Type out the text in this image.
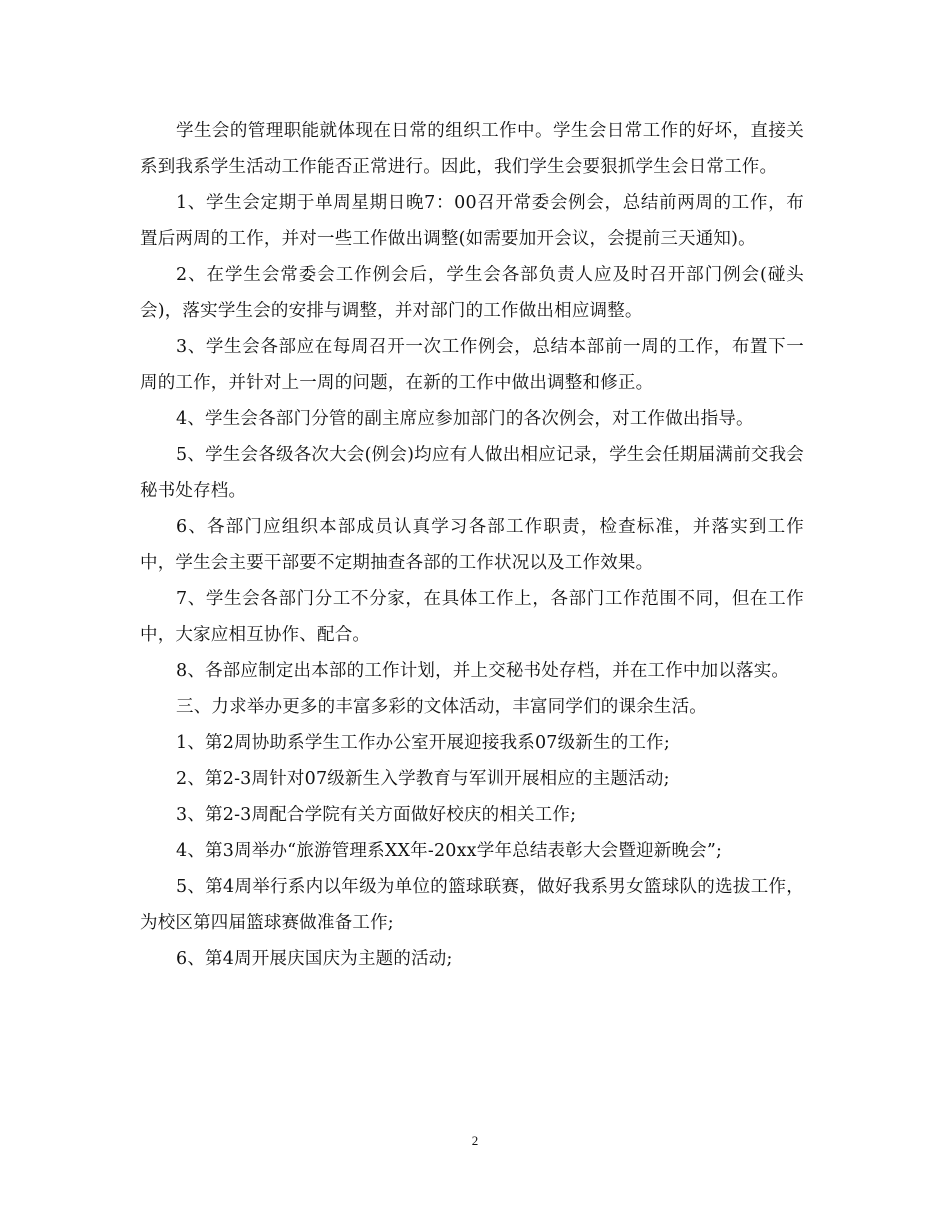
学生会的管理职能就体现在日常的组织工作中。学生会日常工作的好坏，直接关系到我系学生活动工作能否正常进行。因此，我们学生会要狠抓学生会日常工作。

1、学生会定期于单周星期日晚7：00召开常委会例会，总结前两周的工作，布置后两周的工作，并对一些工作做出调整(如需要加开会议，会提前三天通知)。

2、在学生会常委会工作例会后，学生会各部负责人应及时召开部门例会(碰头会)，落实学生会的安排与调整，并对部门的工作做出相应调整。

3、学生会各部应在每周召开一次工作例会，总结本部前一周的工作，布置下一周的工作，并针对上一周的问题，在新的工作中做出调整和修正。

4、学生会各部门分管的副主席应参加部门的各次例会，对工作做出指导。

5、学生会各级各次大会(例会)均应有人做出相应记录，学生会任期届满前交我会秘书处存档。

6、各部门应组织本部成员认真学习各部工作职责，检查标准，并落实到工作中，学生会主要干部要不定期抽查各部的工作状况以及工作效果。

7、学生会各部门分工不分家，在具体工作上，各部门工作范围不同，但在工作中，大家应相互协作、配合。

8、各部应制定出本部的工作计划，并上交秘书处存档，并在工作中加以落实。

三、力求举办更多的丰富多彩的文体活动，丰富同学们的课余生活。

1、第2周协助系学生工作办公室开展迎接我系07级新生的工作;

2、第2-3周针对07级新生入学教育与军训开展相应的主题活动;

3、第2-3周配合学院有关方面做好校庆的相关工作;

4、第3周举办“旅游管理系XX年-20xx学年总结表彰大会暨迎新晚会”;

5、第4周举行系内以年级为单位的篮球联赛，做好我系男女篮球队的选拔工作，为校区第四届篮球赛做准备工作;

6、第4周开展庆国庆为主题的活动;

2
